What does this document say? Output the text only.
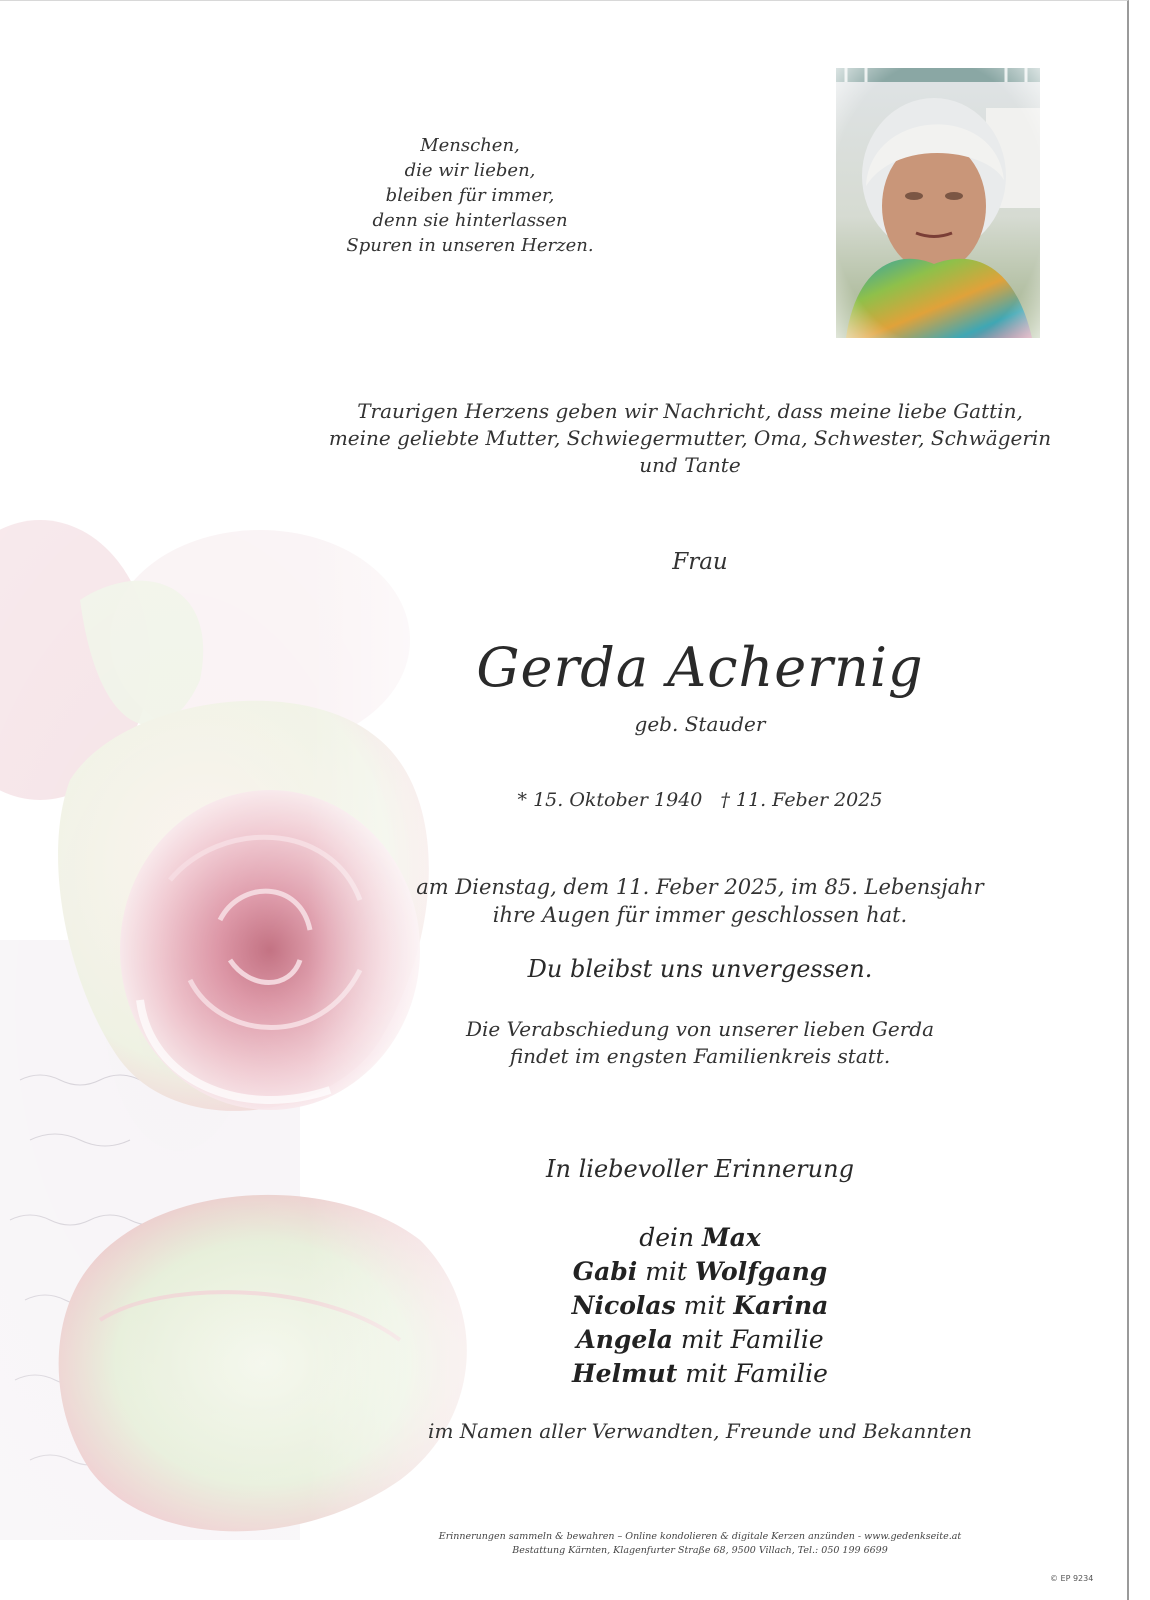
Menschen,
die wir lieben,
bleiben für immer,
denn sie hinterlassen
Spuren in unseren Herzen.
Traurigen Herzens geben wir Nachricht, dass meine liebe Gattin,
meine geliebte Mutter, Schwiegermutter, Oma, Schwester, Schwägerin
und Tante
Frau
Gerda Achernig
geb. Stauder
* 15. Oktober 1940 † 11. Feber 2025
am Dienstag, dem 11. Feber 2025, im 85. Lebensjahr
ihre Augen für immer geschlossen hat.
Du bleibst uns unvergessen.
Die Verabschiedung von unserer lieben Gerda
findet im engsten Familienkreis statt.
In liebevoller Erinnerung
dein Max
Gabi mit Wolfgang
Nicolas mit Karina
Angela mit Familie
Helmut mit Familie
im Namen aller Verwandten, Freunde und Bekannten
Erinnerungen sammeln & bewahren – Online kondolieren & digitale Kerzen anzünden - www.gedenkseite.at
Bestattung Kärnten, Klagenfurter Straße 68, 9500 Villach, Tel.: 050 199 6699
© EP 9234
